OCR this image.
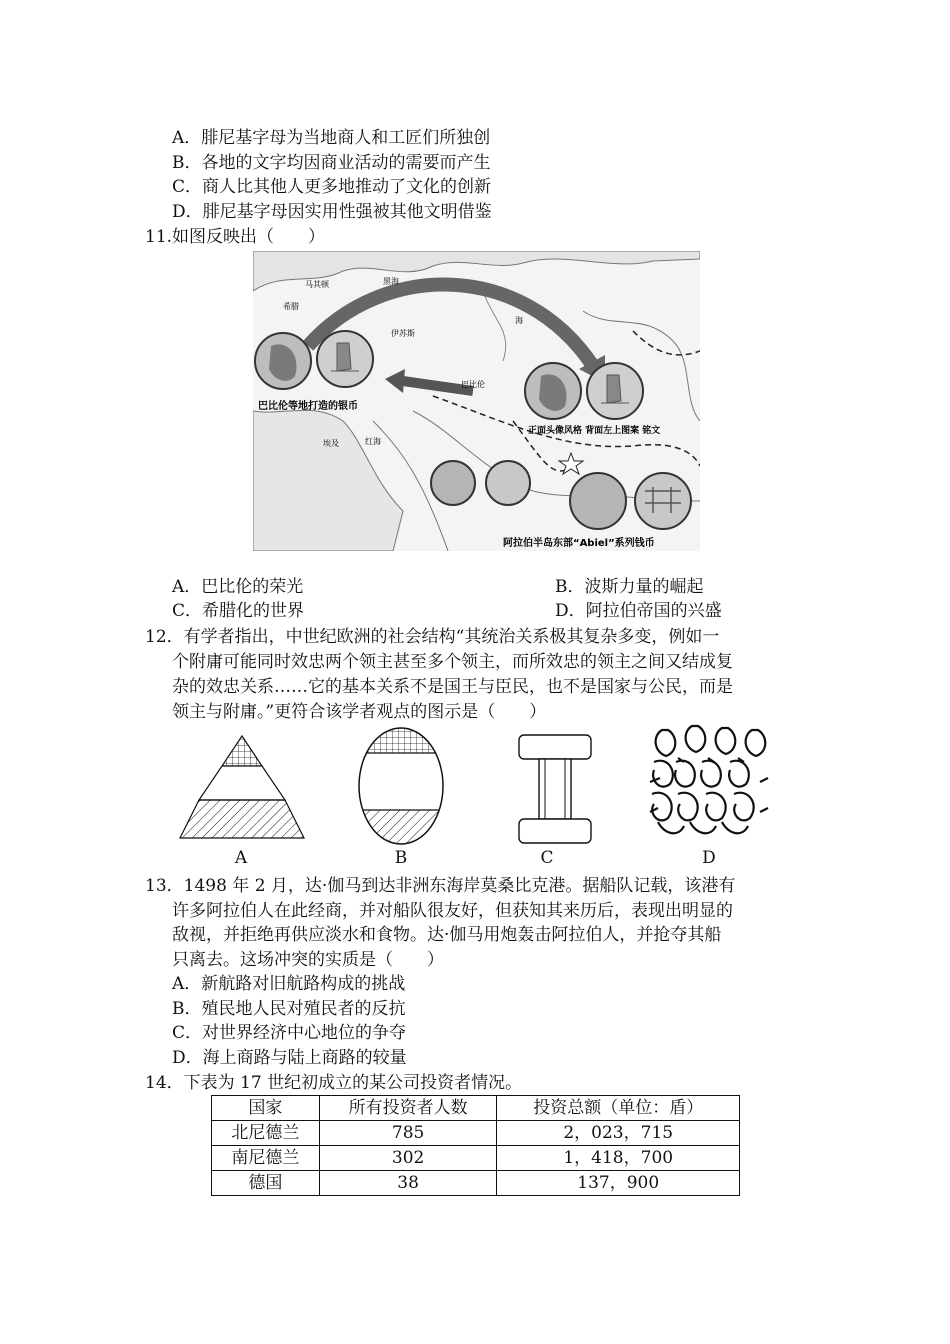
A．腓尼基字母为当地商人和工匠们所独创
B．各地的文字均因商业活动的需要而产生
C．商人比其他人更多地推动了文化的创新
D．腓尼基字母因实用性强被其他文明借鉴
11.如图反映出（　　）
马其顿
希腊
黑海
海
伊苏斯
巴比伦
埃及	红海
巴比伦等地打造的银币
正面头像风格 背面左上图案 铭文
阿拉伯半岛东部“Abiel”系列钱币
A．巴比伦的荣光	B．波斯力量的崛起
C．希腊化的世界	D．阿拉伯帝国的兴盛
12．有学者指出，中世纪欧洲的社会结构“其统治关系极其复杂多变，例如一
个附庸可能同时效忠两个领主甚至多个领主，而所效忠的领主之间又结成复
杂的效忠关系……它的基本关系不是国王与臣民，也不是国家与公民，而是
领主与附庸。”更符合该学者观点的图示是（　　）
A	B	C	D
13．1498 年 2 月，达·伽马到达非洲东海岸莫桑比克港。据船队记载，该港有
许多阿拉伯人在此经商，并对船队很友好，但获知其来历后，表现出明显的
敌视，并拒绝再供应淡水和食物。达·伽马用炮轰击阿拉伯人，并抢夺其船
只离去。这场冲突的实质是（　　）
A．新航路对旧航路构成的挑战
B．殖民地人民对殖民者的反抗
C．对世界经济中心地位的争夺
D．海上商路与陆上商路的较量
14．下表为 17 世纪初成立的某公司投资者情况。
国家	所有投资者人数	投资总额（单位：盾）
北尼德兰	785	2，023，715
南尼德兰	302	1，418，700
德国	38	137，900
